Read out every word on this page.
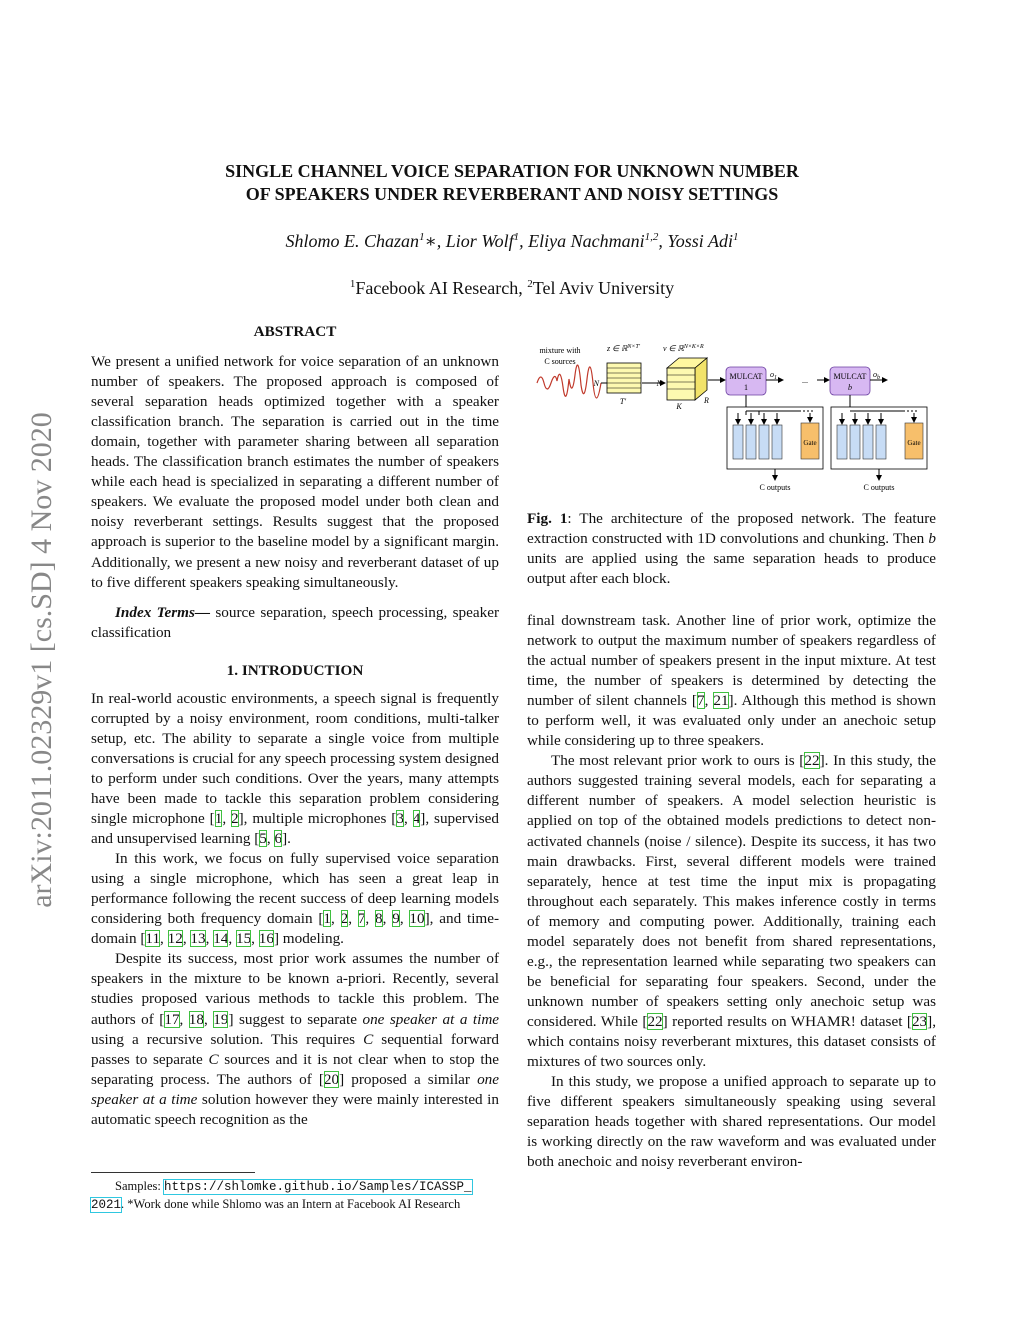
SINGLE CHANNEL VOICE SEPARATION FOR UNKNOWN NUMBER
OF SPEAKERS UNDER REVERBERANT AND NOISY SETTINGS
Shlomo E. Chazan$^1$∗, Lior Wolf$^1$, Eliya Nachmani$^{1,2}$, Yossi Adi$^1$
$^1$Facebook AI Research, $^2$Tel Aviv University
arXiv:2011.02329v1 [cs.SD] 4 Nov 2020
ABSTRACT

We present a unified network for voice separation of an unknown number of speakers. The proposed approach is composed of several separation heads optimized together with a speaker classification branch. The separation is carried out in the time domain, together with parameter sharing between all separation heads. The classification branch estimates the number of speakers while each head is specialized in separating a different number of speakers. We evaluate the proposed model under both clean and noisy reverberant settings. Results suggest that the proposed approach is superior to the baseline model by a significant margin. Additionally, we present a new noisy and reverberant dataset of up to five different speakers speaking simultaneously.

Index Terms— source separation, speech processing, speaker classification

1. INTRODUCTION

In real-world acoustic environments, a speech signal is frequently corrupted by a noisy environment, room conditions, multi-talker setup, etc. The ability to separate a single voice from multiple conversations is crucial for any speech processing system designed to perform under such conditions. Over the years, many attempts have been made to tackle this separation problem considering single microphone [1, 2], multiple microphones [3, 4], supervised and unsupervised learning [5, 6].

In this work, we focus on fully supervised voice separation using a single microphone, which has seen a great leap in performance following the recent success of deep learning models considering both frequency domain [1, 2, 7, 8, 9, 10], and time-domain [11, 12, 13, 14, 15, 16] modeling.

Despite its success, most prior work assumes the number of speakers in the mixture to be known a-priori. Recently, several studies proposed various methods to tackle this problem. The authors of [17, 18, 19] suggest to separate one speaker at a time using a recursive solution. This requires C sequential forward passes to separate C sources and it is not clear when to stop the separating process. The authors of [20] proposed a similar one speaker at a time solution however they were mainly interested in automatic speech recognition as the

Samples: https://shlomke.github.io/Samples/ICASSP_
2021. *Work done while Shlomo was an Intern at Facebook AI Research
mixture with
C sources
N
z ∈ ℝ$^{N\times T'}$
T'
N
v ∈ ℝ$^{N\times K\times R}$
K
R
MULCAT
1
$o_1$	...	MULCAT
b
$o_b$
Gate
C outputs
Gate
C outputs
Fig. 1: The architecture of the proposed network. The feature extraction constructed with 1D convolutions and chunking. Then b units are applied using the same separation heads to produce output after each block.

final downstream task. Another line of prior work, optimize the network to output the maximum number of speakers regardless of the actual number of speakers present in the input mixture. At test time, the number of speakers is determined by detecting the number of silent channels [7, 21]. Although this method is shown to perform well, it was evaluated only under an anechoic setup while considering up to three speakers.

The most relevant prior work to ours is [22]. In this study, the authors suggested training several models, each for separating a different number of speakers. A model selection heuristic is applied on top of the obtained models predictions to detect non-activated channels (noise / silence). Despite its success, it has two main drawbacks. First, several different models were trained separately, hence at test time the input mix is propagating throughout each separately. This makes inference costly in terms of memory and computing power. Additionally, training each model separately does not benefit from shared representations, e.g., the representation learned while separating two speakers can be beneficial for separating four speakers. Second, under the unknown number of speakers setting only anechoic setup was considered. While [22] reported results on WHAMR! dataset [23], which contains noisy reverberant mixtures, this dataset consists of mixtures of two sources only.

In this study, we propose a unified approach to separate up to five different speakers simultaneously speaking using several separation heads together with shared representations. Our model is working directly on the raw waveform and was evaluated under both anechoic and noisy reverberant environ-
